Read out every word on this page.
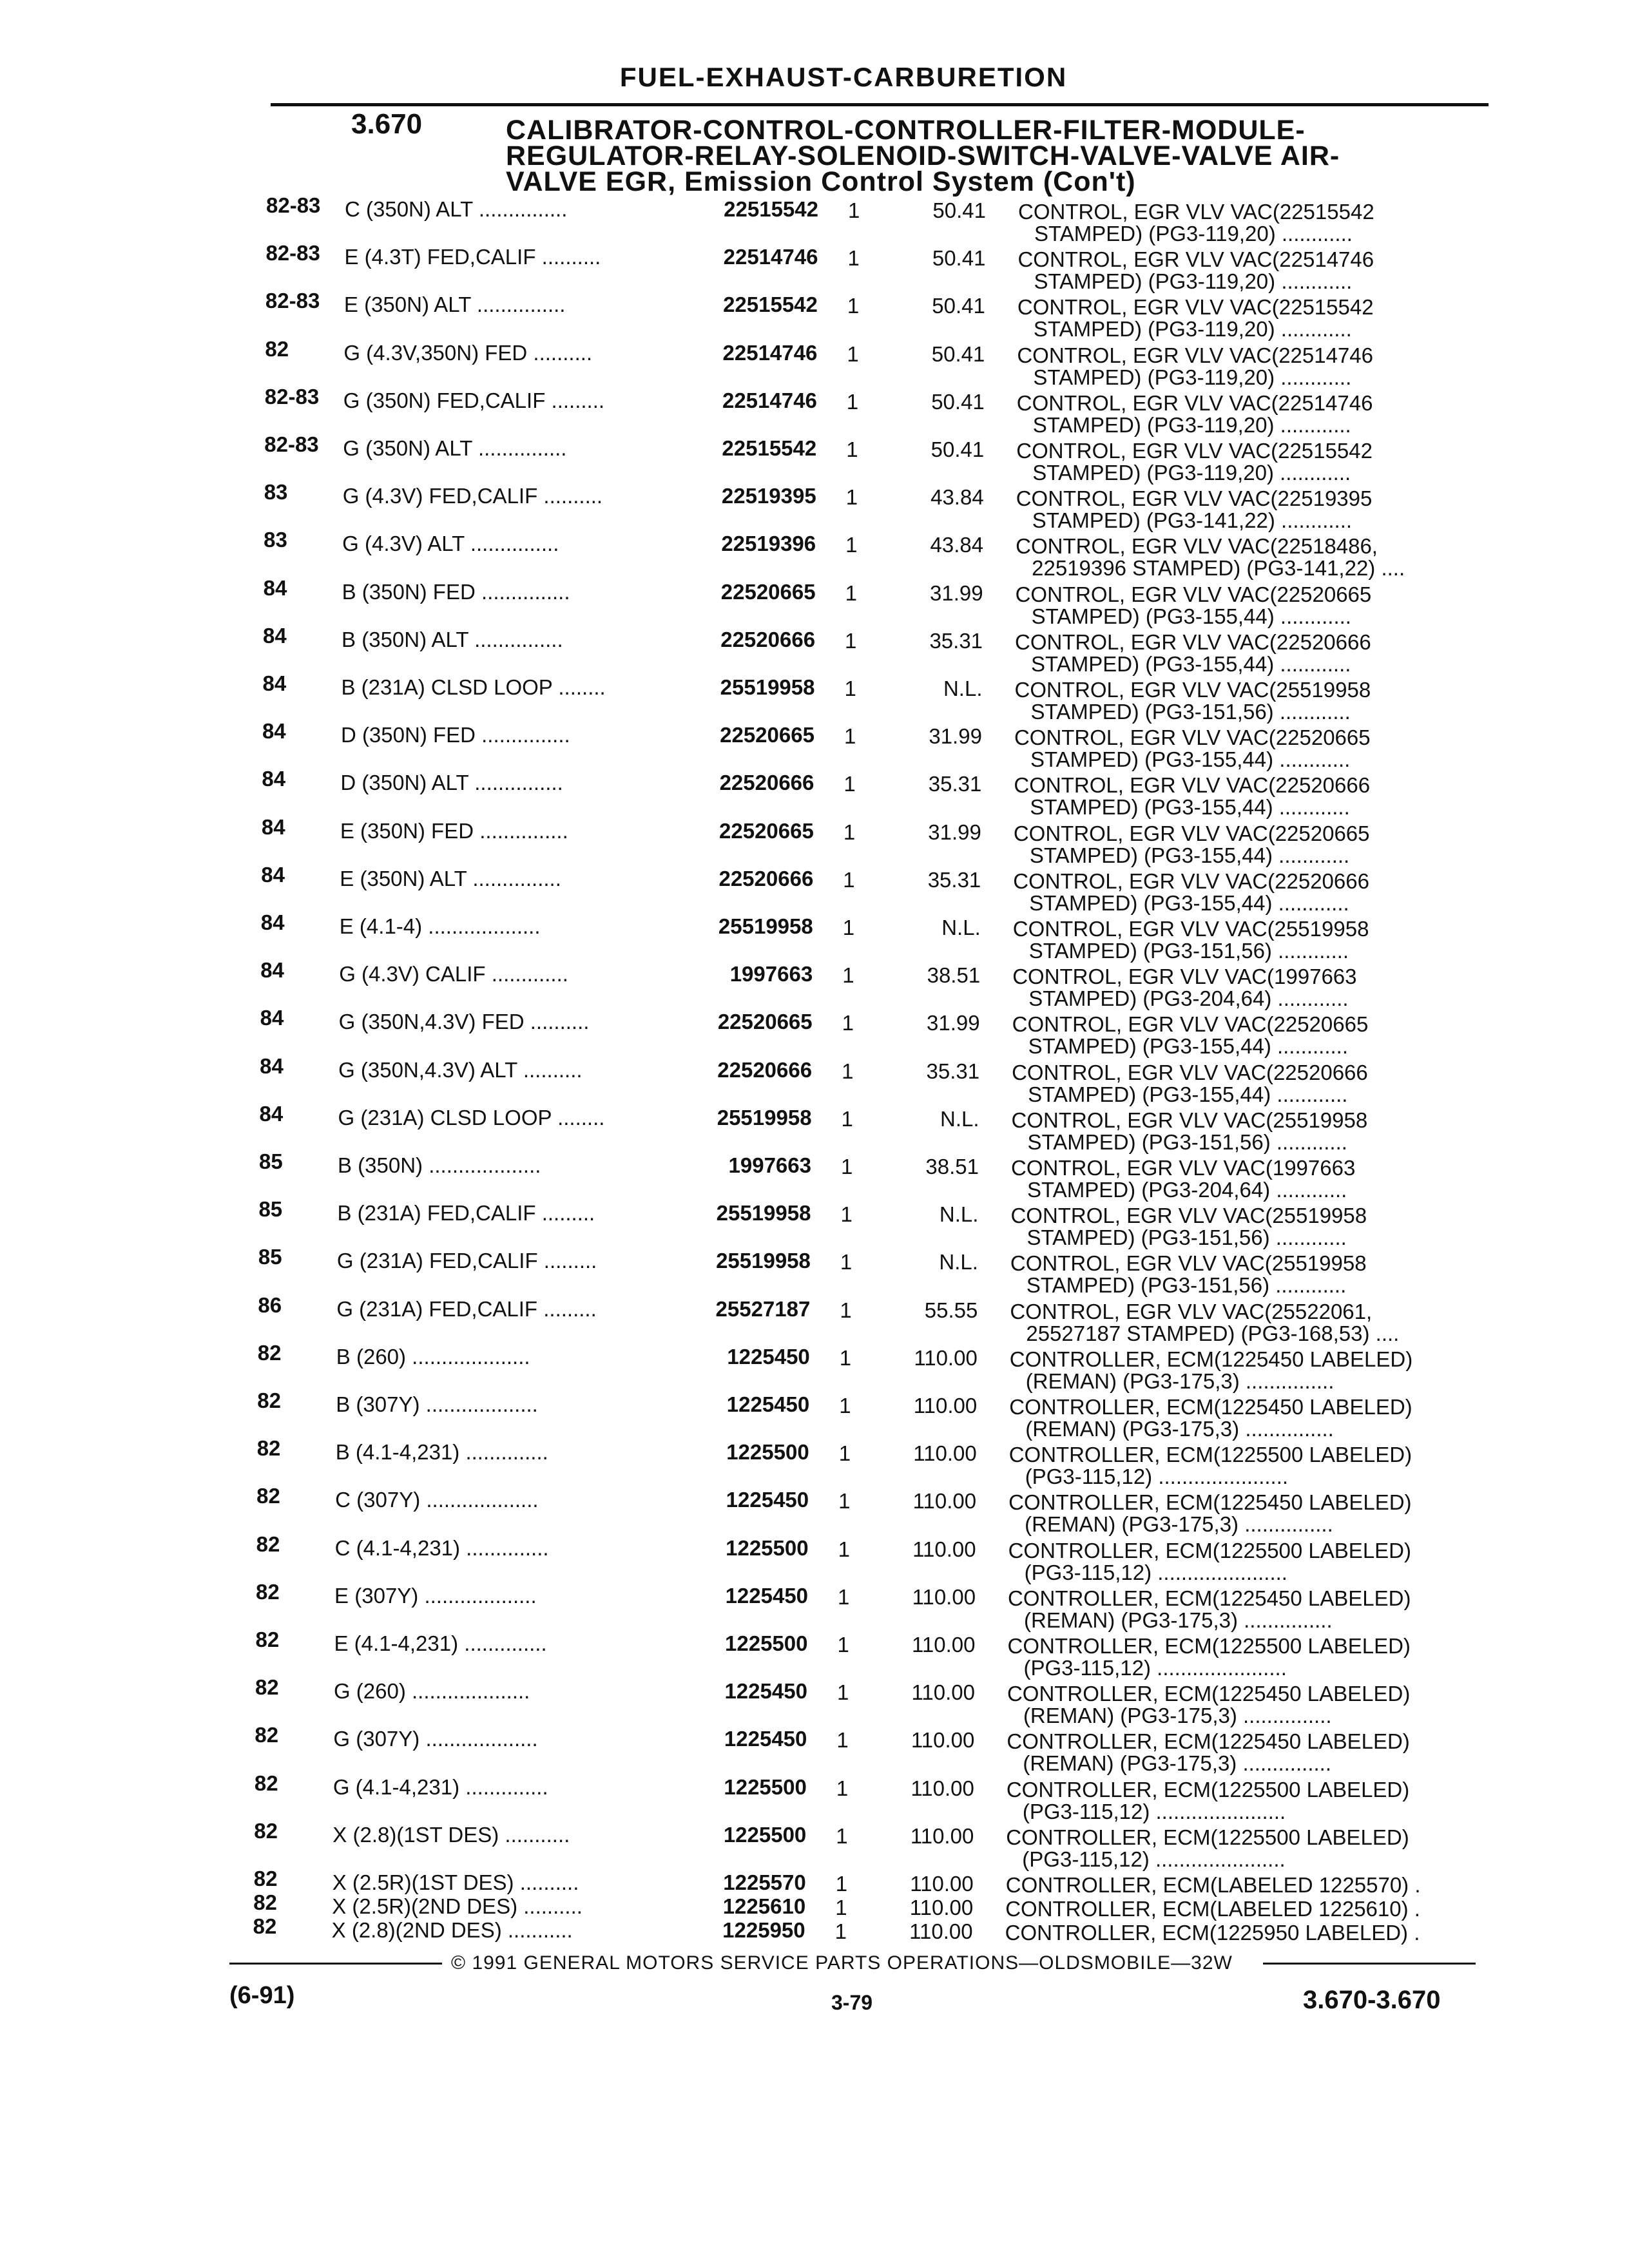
FUEL-EXHAUST-CARBURETION
3.670	CALIBRATOR-CONTROL-CONTROLLER-FILTER-MODULE-
REGULATOR-RELAY-SOLENOID-SWITCH-VALVE-VALVE AIR-
VALVE EGR, Emission Control System (Con't)
82-83 C (350N) ALT ...............	22515542 1	50.41 CONTROL, EGR VLV VAC(22515542
STAMPED) (PG3-119,20) ............
82-83 E (4.3T) FED,CALIF ..........	22514746 1	50.41 CONTROL, EGR VLV VAC(22514746
STAMPED) (PG3-119,20) ............
82-83 E (350N) ALT ...............	22515542 1	50.41 CONTROL, EGR VLV VAC(22515542
STAMPED) (PG3-119,20) ............
82	G (4.3V,350N) FED ..........	22514746 1	50.41 CONTROL, EGR VLV VAC(22514746
STAMPED) (PG3-119,20) ............
82-83 G (350N) FED,CALIF .........	22514746 1	50.41 CONTROL, EGR VLV VAC(22514746
STAMPED) (PG3-119,20) ............
82-83 G (350N) ALT ...............	22515542 1	50.41 CONTROL, EGR VLV VAC(22515542
STAMPED) (PG3-119,20) ............
83	G (4.3V) FED,CALIF ..........	22519395 1	43.84 CONTROL, EGR VLV VAC(22519395
STAMPED) (PG3-141,22) ............
83	G (4.3V) ALT ...............	22519396 1	43.84 CONTROL, EGR VLV VAC(22518486,
22519396 STAMPED) (PG3-141,22) ....
84	B (350N) FED ...............	22520665 1	31.99 CONTROL, EGR VLV VAC(22520665
STAMPED) (PG3-155,44) ............
84	B (350N) ALT ...............	22520666 1	35.31 CONTROL, EGR VLV VAC(22520666
STAMPED) (PG3-155,44) ............
84	B (231A) CLSD LOOP ........	25519958 1	N.L. CONTROL, EGR VLV VAC(25519958
STAMPED) (PG3-151,56) ............
84	D (350N) FED ...............	22520665 1	31.99 CONTROL, EGR VLV VAC(22520665
STAMPED) (PG3-155,44) ............
84	D (350N) ALT ...............	22520666 1	35.31 CONTROL, EGR VLV VAC(22520666
STAMPED) (PG3-155,44) ............
84	E (350N) FED ...............	22520665 1	31.99 CONTROL, EGR VLV VAC(22520665
STAMPED) (PG3-155,44) ............
84	E (350N) ALT ...............	22520666 1	35.31 CONTROL, EGR VLV VAC(22520666
STAMPED) (PG3-155,44) ............
84	E (4.1-4) ...................	25519958 1	N.L. CONTROL, EGR VLV VAC(25519958
STAMPED) (PG3-151,56) ............
84	G (4.3V) CALIF .............	1997663 1	38.51 CONTROL, EGR VLV VAC(1997663
STAMPED) (PG3-204,64) ............
84	G (350N,4.3V) FED ..........	22520665 1	31.99 CONTROL, EGR VLV VAC(22520665
STAMPED) (PG3-155,44) ............
84	G (350N,4.3V) ALT ..........	22520666 1	35.31 CONTROL, EGR VLV VAC(22520666
STAMPED) (PG3-155,44) ............
84	G (231A) CLSD LOOP ........	25519958 1	N.L. CONTROL, EGR VLV VAC(25519958
STAMPED) (PG3-151,56) ............
85	B (350N) ...................	1997663 1	38.51 CONTROL, EGR VLV VAC(1997663
STAMPED) (PG3-204,64) ............
85	B (231A) FED,CALIF .........	25519958 1	N.L. CONTROL, EGR VLV VAC(25519958
STAMPED) (PG3-151,56) ............
85	G (231A) FED,CALIF .........	25519958 1	N.L. CONTROL, EGR VLV VAC(25519958
STAMPED) (PG3-151,56) ............
86	G (231A) FED,CALIF .........	25527187 1	55.55 CONTROL, EGR VLV VAC(25522061,
25527187 STAMPED) (PG3-168,53) ....
82	B (260) ....................	1225450 1	110.00 CONTROLLER, ECM(1225450 LABELED)
(REMAN) (PG3-175,3) ...............
82	B (307Y) ...................	1225450 1	110.00 CONTROLLER, ECM(1225450 LABELED)
(REMAN) (PG3-175,3) ...............
82	B (4.1-4,231) ..............	1225500 1	110.00 CONTROLLER, ECM(1225500 LABELED)
(PG3-115,12) ......................
82	C (307Y) ...................	1225450 1	110.00 CONTROLLER, ECM(1225450 LABELED)
(REMAN) (PG3-175,3) ...............
82	C (4.1-4,231) ..............	1225500 1	110.00 CONTROLLER, ECM(1225500 LABELED)
(PG3-115,12) ......................
82	E (307Y) ...................	1225450 1	110.00 CONTROLLER, ECM(1225450 LABELED)
(REMAN) (PG3-175,3) ...............
82	E (4.1-4,231) ..............	1225500 1	110.00 CONTROLLER, ECM(1225500 LABELED)
(PG3-115,12) ......................
82	G (260) ....................	1225450 1	110.00 CONTROLLER, ECM(1225450 LABELED)
(REMAN) (PG3-175,3) ...............
82	G (307Y) ...................	1225450 1	110.00 CONTROLLER, ECM(1225450 LABELED)
(REMAN) (PG3-175,3) ...............
82	G (4.1-4,231) ..............	1225500 1	110.00 CONTROLLER, ECM(1225500 LABELED)
(PG3-115,12) ......................
82	X (2.8)(1ST DES) ...........	1225500 1	110.00 CONTROLLER, ECM(1225500 LABELED)
(PG3-115,12) ......................
82	X (2.5R)(1ST DES) ..........	1225570 1	110.00 CONTROLLER, ECM(LABELED 1225570) .
82	X (2.5R)(2ND DES) ..........	1225610 1	110.00 CONTROLLER, ECM(LABELED 1225610) .
82	X (2.8)(2ND DES) ...........	1225950 1	110.00 CONTROLLER, ECM(1225950 LABELED) .
© 1991 GENERAL MOTORS SERVICE PARTS OPERATIONS—OLDSMOBILE—32W
(6-91)	3-79	3.670-3.670
